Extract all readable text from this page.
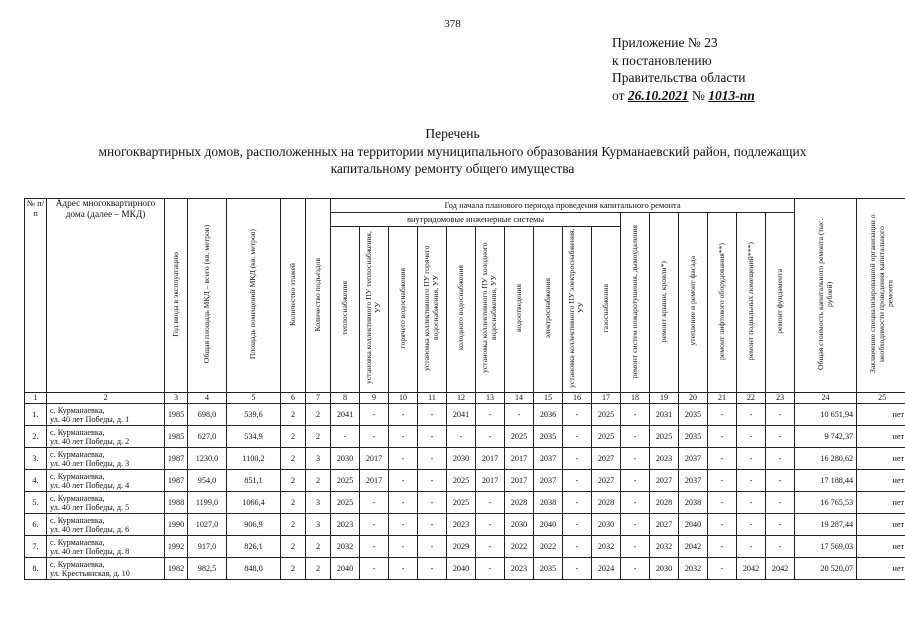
378
Приложение № 23
к постановлению
Правительства области
от 26.10.2021 № 1013-пп
Перечень
многоквартирных домов, расположенных на территории муниципального образования Курманаевский район, подлежащих
капитальному ремонту общего имущества
№ п/п	Адрес многоквартирного дома (далее – МКД)	Год ввода в эксплуатацию	Общая площадь МКД – всего (кв. метров)	Площадь помещений МКД (кв. метров)	Количество этажей	Количество подъездов	Год начала планового периода проведения капитального ремонта																Общая стоимость капитального ремонта (тыс. рублей)	Заключение специализированной организации о необходимости проведения капитального ремонта
							внутридомовые инженерные системы										ремонт систем пожаротушения, дымоудаления	ремонт крыши, кровли*)	утепление и ремонт фасада	ремонт лифтового оборудования**)	ремонт подвальных помещений***)	ремонт фундамента		
							теплоснабжения	установка коллективного ПУ теплоснабжения, УУ	горячего водоснабжения	установка коллективного ПУ горячего водоснабжения, УУ	холодного водоснабжения	установка коллективного ПУ холодного водоснабжения, УУ	водоотведения	электроснабжения	установка коллективного ПУ электроснабжения, УУ	газоснабжения								
1	2	3	4	5	6	7	8	9	10	11	12	13	14	15	16	17	18	19	20	21	22	23	24	25
1.	с. Курманаевка,
ул. 40 лет Победы, д. 1	1985	698,0	539,6	2	2	2041	-	-	-	2041	-	-	2036	-	2025	-	2031	2035	-	-	-	10 651,94	нет
2.	с. Курманаевка,
ул. 40 лет Победы, д. 2	1985	627,0	534,9	2	2	-	-	-	-	-	-	2025	2035	-	2025	-	2025	2035	-	-	-	9 742,37	нет
3.	с. Курманаевка,
ул. 40 лет Победы, д. 3	1987	1230,0	1100,2	2	3	2030	2017	-	-	2030	2017	2017	2037	-	2027	-	2023	2037	-	-	-	16 280,62	нет
4.	с. Курманаевка,
ул. 40 лет Победы, д. 4	1987	954,0	851,1	2	2	2025	2017	-	-	2025	2017	2017	2037	-	2027	-	2027	2037	-	-	-	17 188,44	нет
5.	с. Курманаевка,
ул. 40 лет Победы, д. 5	1988	1199,0	1066,4	2	3	2025	-	-	-	2025	-	2028	2038	-	2028	-	2028	2038	-	-	-	16 765,53	нет
6.	с. Курманаевка,
ул. 40 лет Победы, д. 6	1990	1027,0	906,9	2	3	2023	-	-	-	2023	-	2030	2040	-	2030	-	2027	2040	-	-	-	19 287,44	нет
7.	с. Курманаевка,
ул. 40 лет Победы, д. 8	1992	917,0	826,1	2	2	2032	-	-	-	2029	-	2022	2022	-	2032	-	2032	2042	-	-	-	17 569,03	нет
8.	с. Курманаевка,
ул. Крестьянская, д. 10	1982	982,5	848,0	2	2	2040	-	-	-	2040	-	2023	2035	-	2024	-	2030	2032	-	2042	2042	20 520,07	нет
